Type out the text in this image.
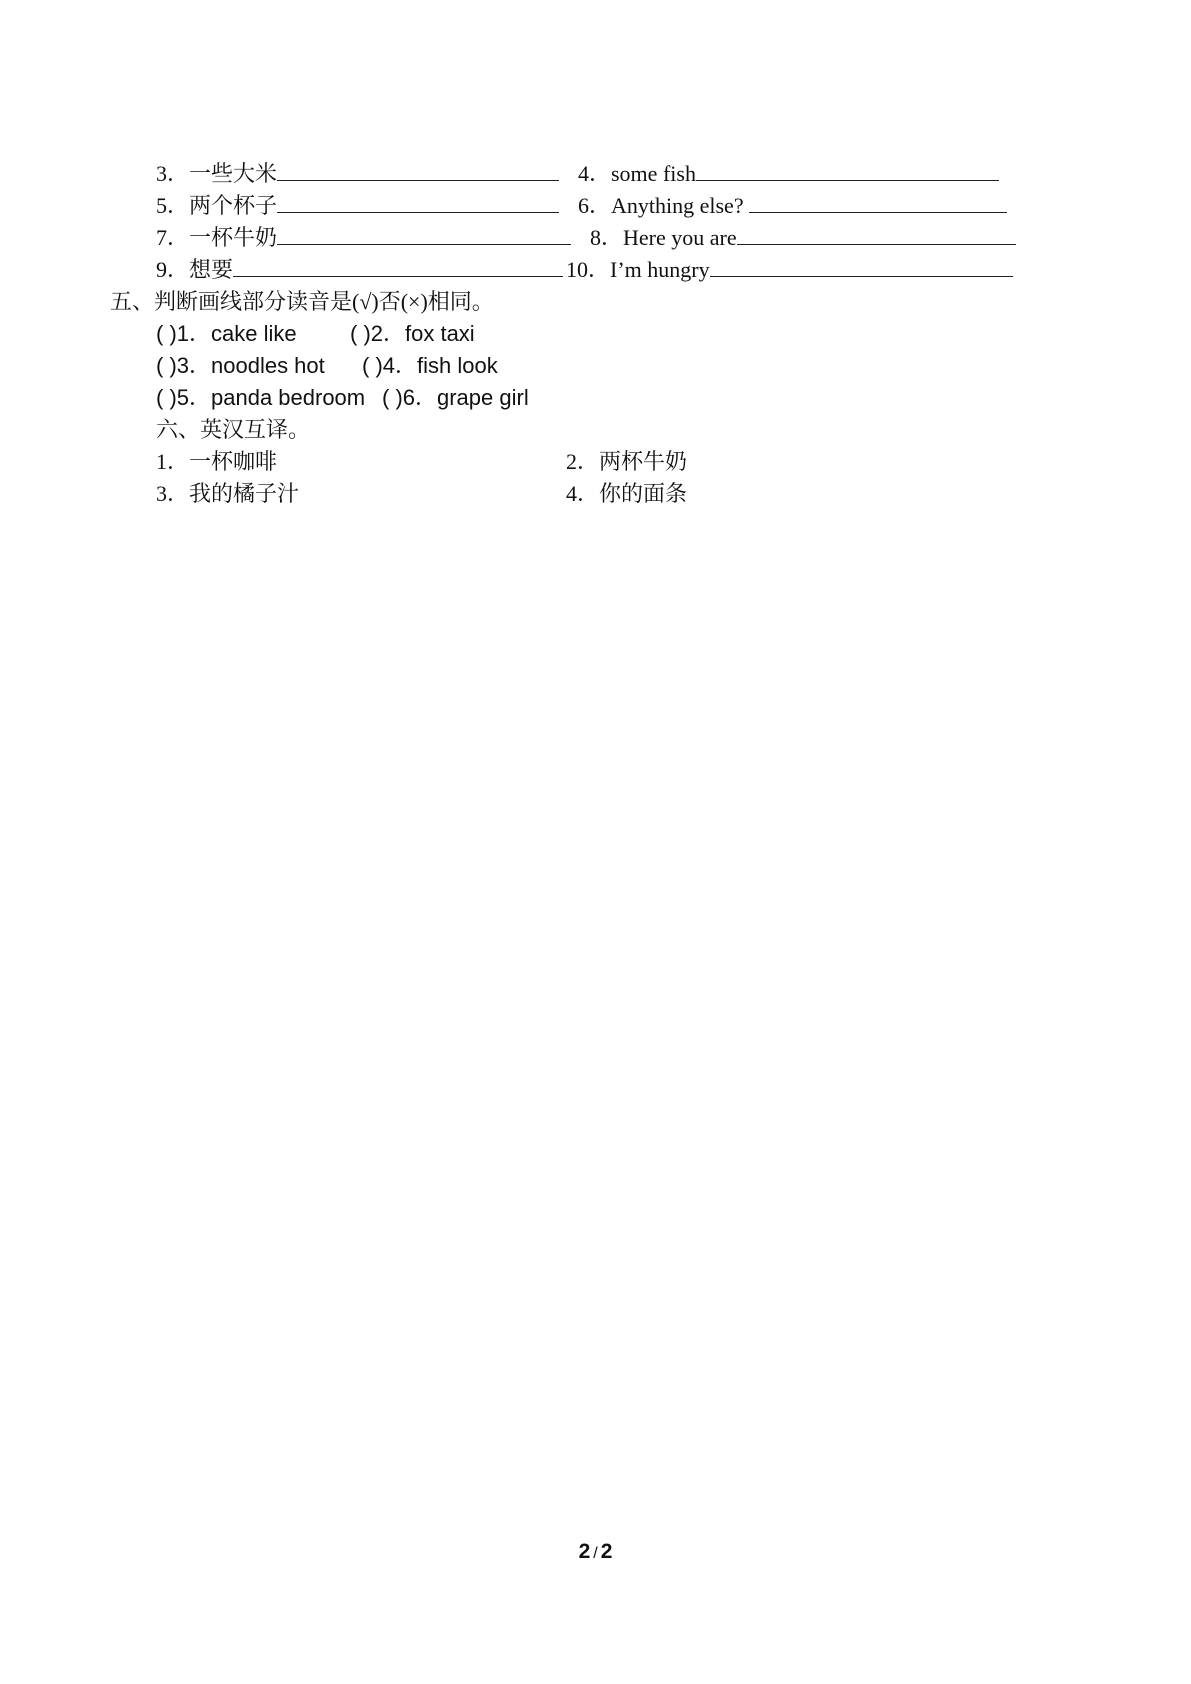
3．一些大米	4．some fish
5．两个杯子	6．Anything else?
7．一杯牛奶	8．Here you are
9．想要	10．I’m hungry
五、判断画线部分读音是(√)否(×)相同。
( )1．cake like ( )2．fox taxi
( )3．noodles hot ( )4．fish look
( )5．panda bedroom ( )6．grape girl
六、英汉互译。
1．一杯咖啡	2．两杯牛奶
3．我的橘子汁	4．你的面条
2 / 2
